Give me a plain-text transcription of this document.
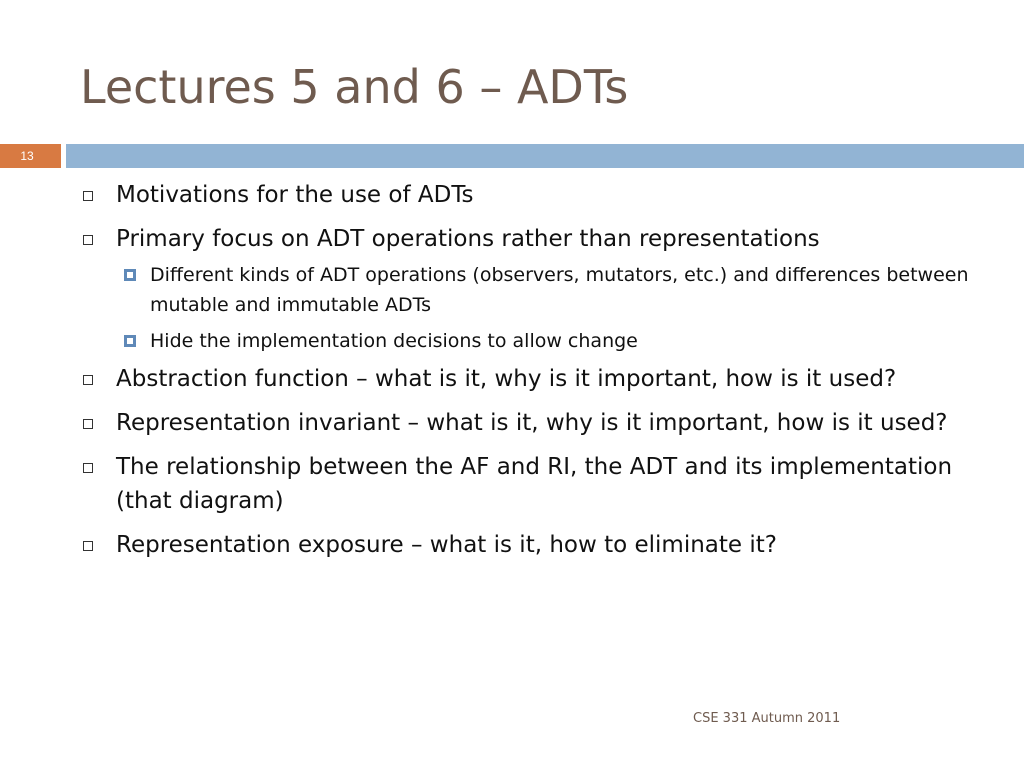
Lectures 5 and 6 – ADTs
13
Motivations for the use of ADTs
Primary focus on ADT operations rather than representations
Different kinds of ADT operations (observers, mutators, etc.) and differences between mutable and immutable ADTs
Hide the implementation decisions to allow change
Abstraction function – what is it, why is it important, how is it used?
Representation invariant – what is it, why is it important, how is it used?
The relationship between the AF and RI, the ADT and its implementation (that diagram)
Representation exposure – what is it, how to eliminate it?
CSE 331 Autumn 2011
